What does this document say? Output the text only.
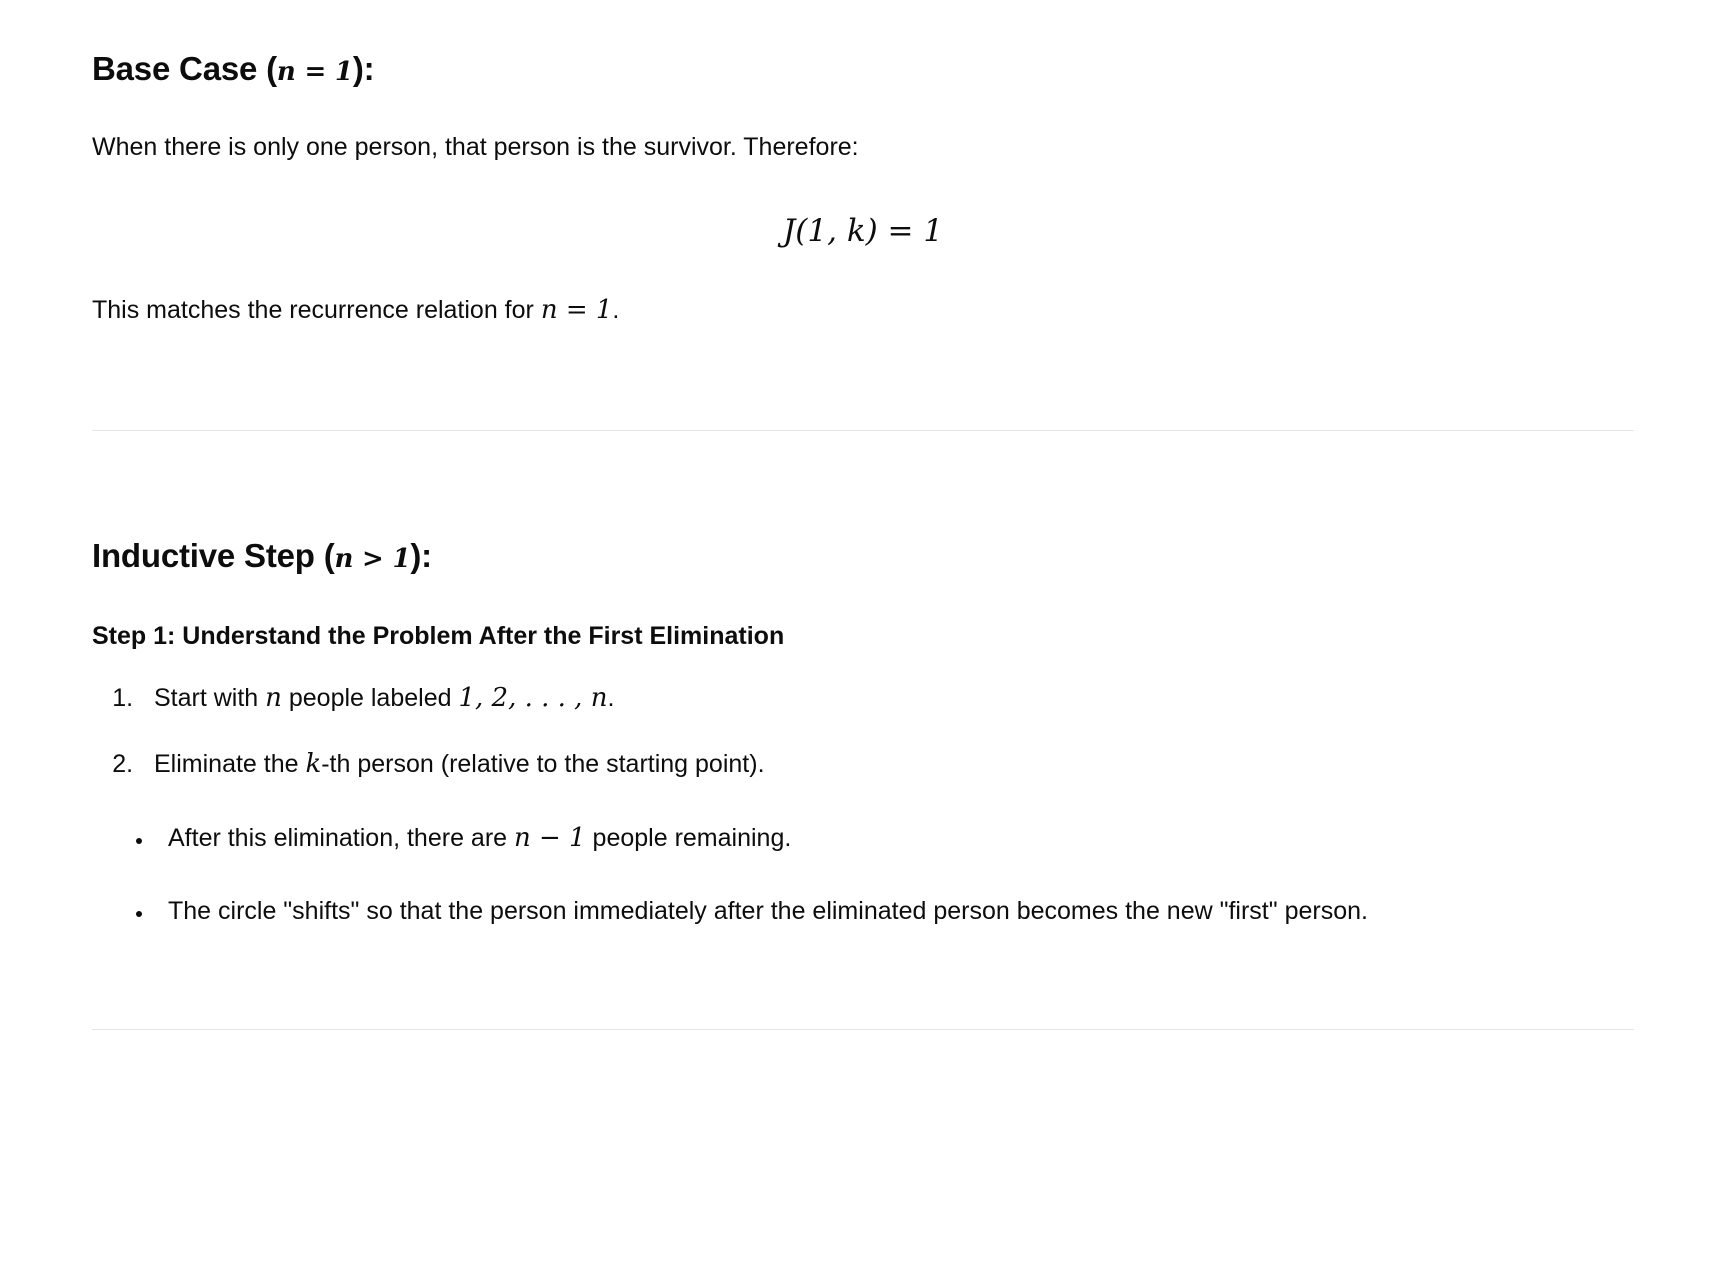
Base Case (n = 1):

When there is only one person, that person is the survivor. Therefore:

J(1, k) = 1

This matches the recurrence relation for n = 1.

Inductive Step (n > 1):
Step 1: Understand the Problem After the First Elimination
1. Start with n people labeled 1, 2, . . . , n.
2. Eliminate the k-th person (relative to the starting point).
• After this elimination, there are n − 1 people remaining.
• The circle "shifts" so that the person immediately after the eliminated person becomes the new "first" person.
